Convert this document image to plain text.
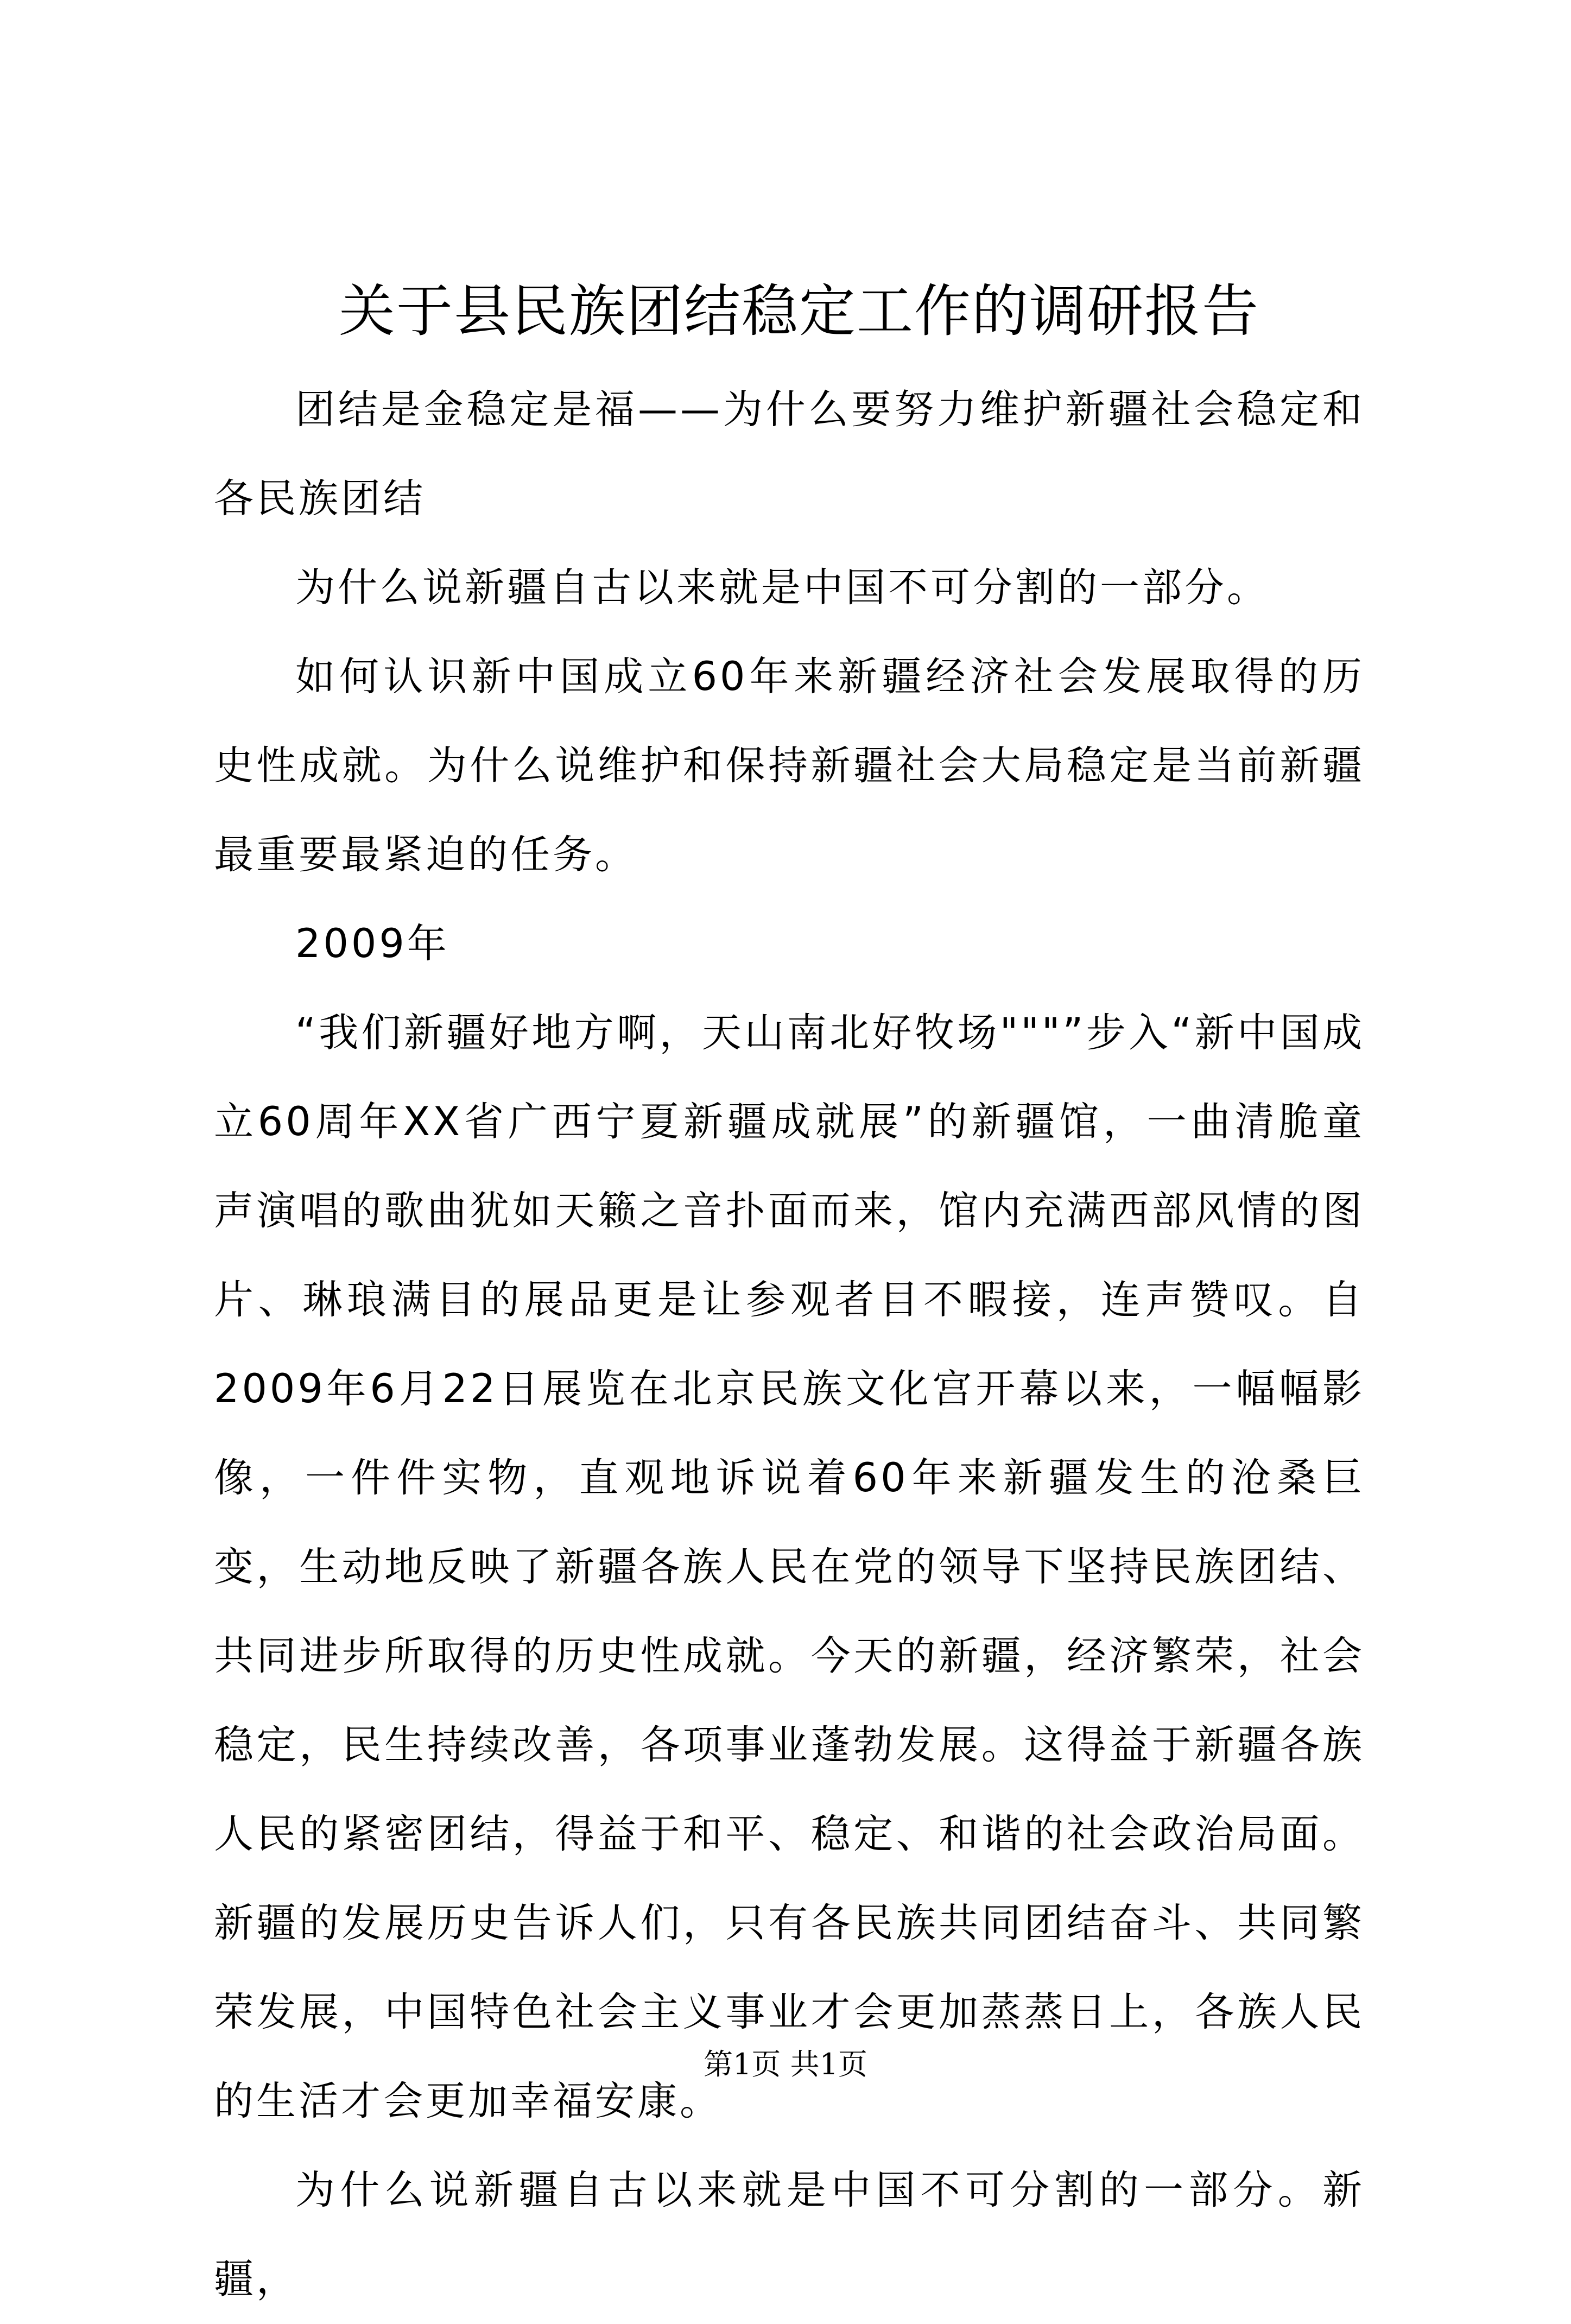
关于县民族团结稳定工作的调研报告

团结是金稳定是福——为什么要努力维护新疆社会稳定和各民族团结

为什么说新疆自古以来就是中国不可分割的一部分。

如何认识新中国成立60年来新疆经济社会发展取得的历史性成就。为什么说维护和保持新疆社会大局稳定是当前新疆最重要最紧迫的任务。

2009年

“我们新疆好地方啊，天山南北好牧场"""”步入“新中国成立60周年XX省广西宁夏新疆成就展”的新疆馆，一曲清脆童声演唱的歌曲犹如天籁之音扑面而来，馆内充满西部风情的图片、琳琅满目的展品更是让参观者目不暇接，连声赞叹。自2009年6月22日展览在北京民族文化宫开幕以来，一幅幅影像，一件件实物，直观地诉说着60年来新疆发生的沧桑巨变，生动地反映了新疆各族人民在党的领导下坚持民族团结、共同进步所取得的历史性成就。今天的新疆，经济繁荣，社会稳定，民生持续改善，各项事业蓬勃发展。这得益于新疆各族人民的紧密团结，得益于和平、稳定、和谐的社会政治局面。新疆的发展历史告诉人们，只有各民族共同团结奋斗、共同繁荣发展，中国特色社会主义事业才会更加蒸蒸日上，各族人民的生活才会更加幸福安康。

为什么说新疆自古以来就是中国不可分割的一部分。新疆，

第1页 共1页
